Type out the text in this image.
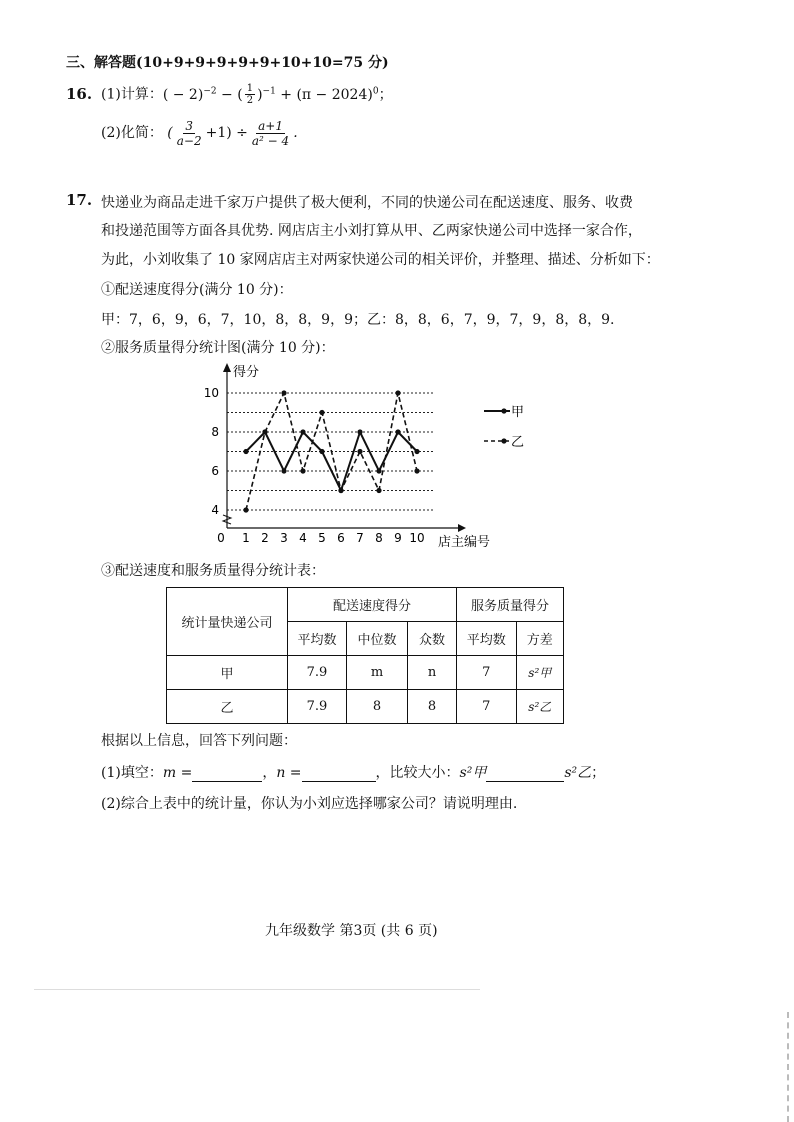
三、解答题(10+9+9+9+9+9+10+10=75 分)
16. (1)计算：( − 2)$^{-2}$ − ( $\frac{1}{2} )^{-1} + (\pi - 2024)^0$；
(2)化简： ( $\frac{3}{a-2} +1) \div \frac{a+1}{\text{a² − 4}}$ .
17. 快递业为商品走进千家万户提供了极大便利，不同的快递公司在配送速度、服务、收费
和投递范围等方面各具优势. 网店店主小刘打算从甲、乙两家快递公司中选择一家合作，
为此，小刘收集了 10 家网店店主对两家快递公司的相关评价，并整理、描述、分析如下：
①配送速度得分(满分 10 分)：
甲：7，6，9，6，7，10，8，8，9，9；乙：8，8，6，7，9，7，9，8，8，9.
②服务质量得分统计图(满分 10 分)：
得分
店主编号
4
6
8
10
0 1 2 3 4 5 6 7 8 9 10
甲
乙
③配送速度和服务质量得分统计表：
统计量快递公司	配送速度得分			服务质量得分	
	平均数	中位数	众数	平均数	方差
甲	7.9	m	n	7	s²甲
乙	7.9	8	8	7	s²乙
根据以上信息，回答下列问题：
(1)填空：m =	，n =	，比较大小：s²甲	s²乙；
(2)综合上表中的统计量，你认为小刘应选择哪家公司？请说明理由.
九年级数学 第3页 (共 6 页)
